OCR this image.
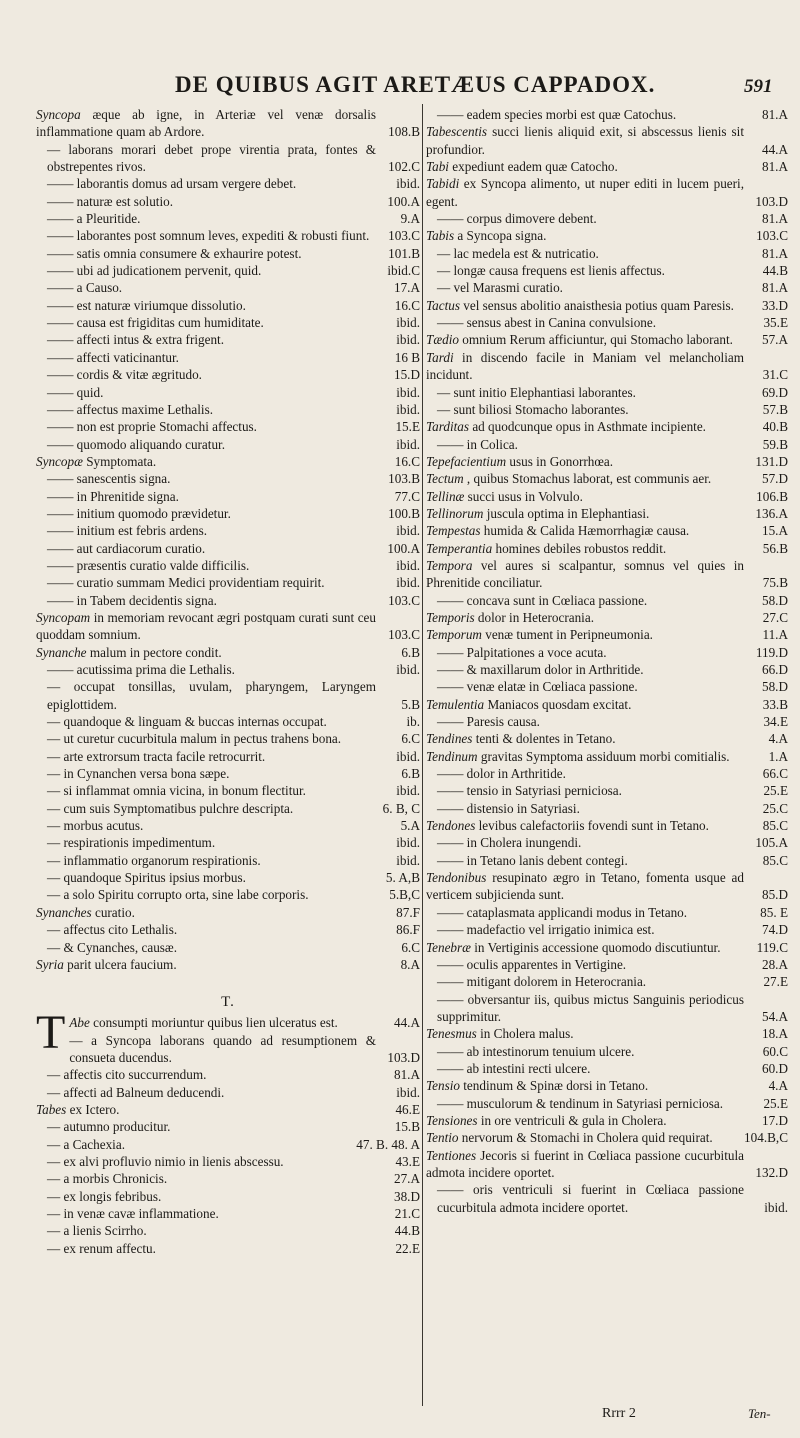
DE QUIBUS AGIT ARETÆUS CAPPADOX.	591
Syncopa æque ab igne, in Arteriæ vel venæ dorsalis inflammatione quam ab Ardore.	108.B
— laborans morari debet prope virentia prata, fontes & obstrepentes rivos.	102.C
—— laborantis domus ad ursam vergere debet.	ibid.
—— naturæ est solutio.	100.A
—— a Pleuritide.	9.A
—— laborantes post somnum leves, expediti & robusti fiunt. 103.C
—— satis omnia consumere & exhaurire potest.	101.B
—— ubi ad judicationem pervenit, quid.	ibid.C
—— a Causo.	17.A
—— est naturæ viriumque dissolutio.	16.C
—— causa est frigiditas cum humiditate.	ibid.
—— affecti intus & extra frigent.	ibid.
—— affecti vaticinantur.	16 B
—— cordis & vitæ ægritudo.	15.D
—— quid.	ibid.
—— affectus maxime Lethalis.	ibid.
—— non est proprie Stomachi affectus.	15.E
—— quomodo aliquando curatur.	ibid.
Syncopæ Symptomata.	16.C
—— sanescentis signa.	103.B
—— in Phrenitide signa.	77.C
—— initium quomodo prævidetur.	100.B
—— initium est febris ardens.	ibid.
—— aut cardiacorum curatio.	100.A
—— præsentis curatio valde difficilis.	ibid.
—— curatio summam Medici providentiam requirit.	ibid.
—— in Tabem decidentis signa.	103.C
Syncopam in memoriam revocant ægri postquam curati sunt ceu quoddam somnium.	103.C
Synanche malum in pectore condit.	6.B
—— acutissima prima die Lethalis.	ibid.
— occupat tonsillas, uvulam, pharyngem, Laryngem epiglottidem.	5.B
— quandoque & linguam & buccas internas occupat.	ib.
— ut curetur cucurbitula malum in pectus trahens bona.	6.C
— arte extrorsum tracta facile retrocurrit.	ibid.
— in Cynanchen versa bona sæpe.	6.B
— si inflammat omnia vicina, in bonum flectitur.	ibid.
— cum suis Symptomatibus pulchre descripta.	6. B, C
— morbus acutus.	5.A
— respirationis impedimentum.	ibid.
— inflammatio organorum respirationis.	ibid.
— quandoque Spiritus ipsius morbus.	5. A,B
— a solo Spiritu corrupto orta, sine labe corporis.	5.B,C
Synanches curatio.	87.F
— affectus cito Lethalis.	86.F
— & Cynanches, causæ.	6.C
Syria parit ulcera faucium.	8.A
T.
T Abe consumpti moriuntur quibus lien ulceratus est.	44.A
— a Syncopa laborans quando ad resumptionem & consueta ducendus.	103.D
— affectis cito succurrendum.	81.A
— affecti ad Balneum deducendi.	ibid.
Tabes ex Ictero.	46.E
— autumno producitur.	15.B
— a Cachexia.	47. B. 48. A
— ex alvi profluvio nimio in lienis abscessu.	43.E
— a morbis Chronicis.	27.A
— ex longis febribus.	38.D
— in venæ cavæ inflammatione.	21.C
— a lienis Scirrho.	44.B
— ex renum affectu.	22.E
—— eadem species morbi est quæ Catochus.	81.A
Tabescentis succi lienis aliquid exit, si abscessus lienis sit profundior.	44.A
Tabi expediunt eadem quæ Catocho.	81.A
Tabidi ex Syncopa alimento, ut nuper editi in lucem pueri, egent.	103.D
—— corpus dimovere debent.	81.A
Tabis a Syncopa signa.	103.C
— lac medela est & nutricatio.	81.A
— longæ causa frequens est lienis affectus.	44.B
— vel Marasmi curatio.	81.A
Tactus vel sensus abolitio anaisthesia potius quam Paresis. 33.D
—— sensus abest in Canina convulsione.	35.E
Tædio omnium Rerum afficiuntur, qui Stomacho laborant. 57.A
Tardi in discendo facile in Maniam vel melancholiam incidunt.	31.C
— sunt initio Elephantiasi laborantes.	69.D
— sunt biliosi Stomacho laborantes.	57.B
Tarditas ad quodcunque opus in Asthmate incipiente.	40.B
—— in Colica.	59.B
Tepefacientium usus in Gonorrhœa.	131.D
Tectum , quibus Stomachus laborat, est communis aer.	57.D
Tellinæ succi usus in Volvulo.	106.B
Tellinorum juscula optima in Elephantiasi.	136.A
Tempestas humida & Calida Hæmorrhagiæ causa.	15.A
Temperantia homines debiles robustos reddit.	56.B
Tempora vel aures si scalpantur, somnus vel quies in Phrenitide conciliatur.	75.B
—— concava sunt in Cœliaca passione.	58.D
Temporis dolor in Heterocrania.	27.C
Temporum venæ tument in Peripneumonia.	11.A
—— Palpitationes a voce acuta.	119.D
—— & maxillarum dolor in Arthritide.	66.D
—— venæ elatæ in Cœliaca passione.	58.D
Temulentia Maniacos quosdam excitat.	33.B
—— Paresis causa.	34.E
Tendines tenti & dolentes in Tetano.	4.A
Tendinum gravitas Symptoma assiduum morbi comitialis.	1.A
—— dolor in Arthritide.	66.C
—— tensio in Satyriasi perniciosa.	25.E
—— distensio in Satyriasi.	25.C
Tendones levibus calefactoriis fovendi sunt in Tetano.	85.C
—— in Cholera inungendi.	105.A
—— in Tetano lanis debent contegi.	85.C
Tendonibus resupinato ægro in Tetano, fomenta usque ad verticem subjicienda sunt.	85.D
—— cataplasmata applicandi modus in Tetano.	85. E
—— madefactio vel irrigatio inimica est.	74.D
Tenebræ in Vertiginis accessione quomodo discutiuntur.	119.C
—— oculis apparentes in Vertigine.	28.A
—— mitigant dolorem in Heterocrania.	27.E
—— obversantur iis, quibus mictus Sanguinis periodicus supprimitur.	54.A
Tenesmus in Cholera malus.	18.A
—— ab intestinorum tenuium ulcere.	60.C
—— ab intestini recti ulcere.	60.D
Tensio tendinum & Spinæ dorsi in Tetano.	4.A
—— musculorum & tendinum in Satyriasi perniciosa.	25.E
Tensiones in ore ventriculi & gula in Cholera.	17.D
Tentio nervorum & Stomachi in Cholera quid requirat. 104.B,C
Tentiones Jecoris si fuerint in Cœliaca passione cucurbitula admota incidere oportet.	132.D
—— oris ventriculi si fuerint in Cœliaca passione cucurbitula admota incidere oportet.	ibid.
Rrrr 2	Ten-
